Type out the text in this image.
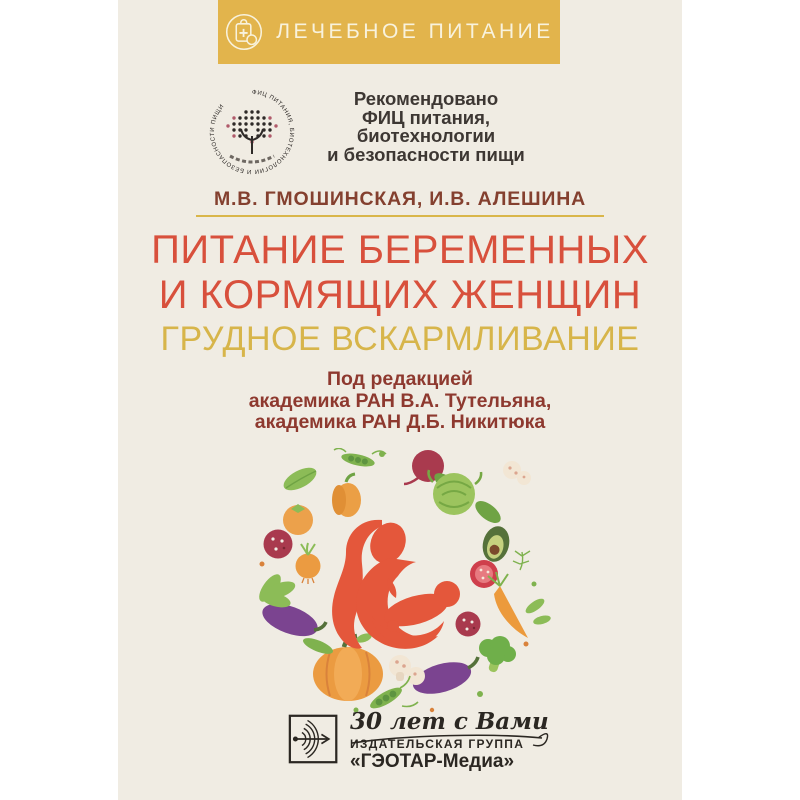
ЛЕЧЕБНОЕ ПИТАНИЕ
ФИЦ ПИТАНИЯ, БИОТЕХНОЛОГИИ И БЕЗОПАСНОСТИ ПИЩИ	Рекомендовано
ФИЦ питания, биотехнологии
и безопасности пищи
М.В. ГМОШИНСКАЯ, И.В. АЛЕШИНА
ПИТАНИЕ БЕРЕМЕННЫХ
И КОРМЯЩИХ ЖЕНЩИН
ГРУДНОЕ ВСКАРМЛИВАНИЕ
Под редакцией
академика РАН В.А. Тутельяна,
академика РАН Д.Б. Никитюка
30 лет с Вами
ИЗДАТЕЛЬСКАЯ ГРУППА
«ГЭОТАР-Медиа»
